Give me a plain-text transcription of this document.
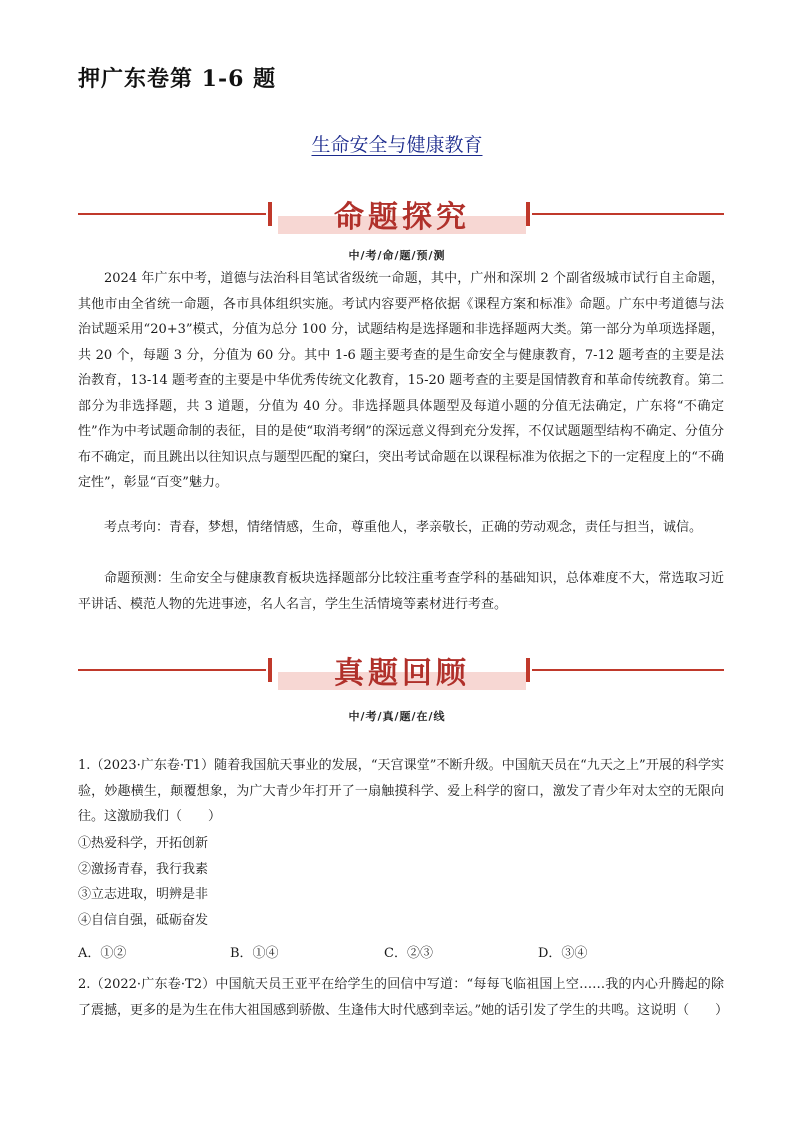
押广东卷第 1-6 题
生命安全与健康教育
命题探究
中/考/命/题/预/测

2024 年广东中考，道德与法治科目笔试省级统一命题，其中，广州和深圳 2 个副省级城市试行自主命题，其他市由全省统一命题，各市具体组织实施。考试内容要严格依据《课程方案和标准》命题。广东中考道德与法治试题采用“20+3”模式，分值为总分 100 分，试题结构是选择题和非选择题两大类。第一部分为单项选择题，共 20 个，每题 3 分，分值为 60 分。其中 1-6 题主要考查的是生命安全与健康教育，7-12 题考查的主要是法治教育，13-14 题考查的主要是中华优秀传统文化教育，15-20 题考查的主要是国情教育和革命传统教育。第二部分为非选择题，共 3 道题，分值为 40 分。非选择题具体题型及每道小题的分值无法确定，广东将“不确定性”作为中考试题命制的表征，目的是使“取消考纲”的深远意义得到充分发挥，不仅试题题型结构不确定、分值分布不确定，而且跳出以往知识点与题型匹配的窠臼，突出考试命题在以课程标准为依据之下的一定程度上的“不确定性”，彰显“百变”魅力。

考点考向：青春，梦想，情绪情感，生命，尊重他人，孝亲敬长，正确的劳动观念，责任与担当，诚信。

命题预测：生命安全与健康教育板块选择题部分比较注重考查学科的基础知识，总体难度不大，常选取习近平讲话、模范人物的先进事迹，名人名言，学生生活情境等素材进行考查。

真题回顾
中/考/真/题/在/线

1.（2023·广东卷·T1）随着我国航天事业的发展，“天宫课堂”不断升级。中国航天员在“九天之上”开展的科学实验，妙趣横生，颠覆想象，为广大青少年打开了一扇触摸科学、爱上科学的窗口，激发了青少年对太空的无限向往。这激励我们（　　）

①热爱科学，开拓创新
②激扬青春，我行我素
③立志进取，明辨是非
④自信自强，砥砺奋发
A．①②	B．①④	C．②③	D．③④

2.（2022·广东卷·T2）中国航天员王亚平在给学生的回信中写道：“每每飞临祖国上空……我的内心升腾起的除了震撼，更多的是为生在伟大祖国感到骄傲、生逢伟大时代感到幸运。”她的话引发了学生的共鸣。这说明（　　）
